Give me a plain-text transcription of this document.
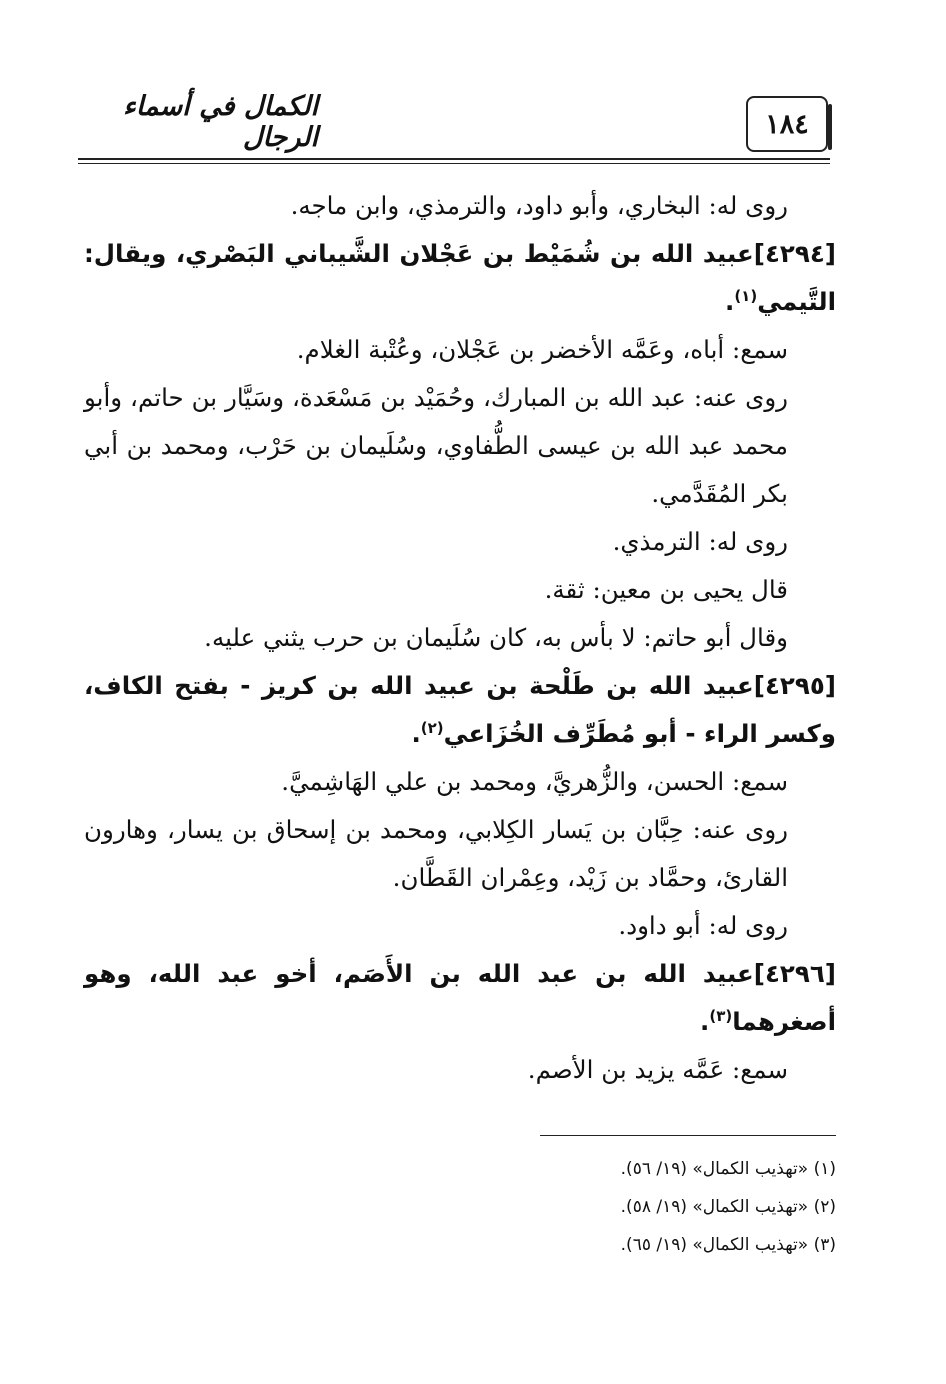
١٨٤
الكمال في أسماء الرجال

روى له: البخاري، وأبو داود، والترمذي، وابن ماجه.

[٤٢٩٤]عبيد الله بن شُمَيْط بن عَجْلان الشَّيباني البَصْري، ويقال: التَّيمي$^{(١)}$.

سمع: أباه، وعَمَّه الأخضر بن عَجْلان، وعُتْبة الغلام.

روى عنه: عبد الله بن المبارك، وحُمَيْد بن مَسْعَدة، وسَيَّار بن حاتم، وأبو محمد عبد الله بن عيسى الطُّفاوي، وسُلَيمان بن حَرْب، ومحمد بن أبي بكر المُقَدَّمي.

روى له: الترمذي.

قال يحيى بن معين: ثقة.

وقال أبو حاتم: لا بأس به، كان سُلَيمان بن حرب يثني عليه.

[٤٢٩٥]عبيد الله بن طَلْحة بن عبيد الله بن كريز - بفتح الكاف، وكسر الراء - أبو مُطَرِّف الخُزَاعي$^{(٢)}$.

سمع: الحسن، والزُّهريَّ، ومحمد بن علي الهَاشِميَّ.

روى عنه: حِبَّان بن يَسار الكِلابي، ومحمد بن إسحاق بن يسار، وهارون القارئ، وحمَّاد بن زَيْد، وعِمْران القَطَّان.

روى له: أبو داود.

[٤٢٩٦]عبيد الله بن عبد الله بن الأَصَم، أخو عبد الله، وهو أصغرهما$^{(٣)}$.

سمع: عَمَّه يزيد بن الأصم.

(١) «تهذيب الكمال» (١٩/ ٥٦).

(٢) «تهذيب الكمال» (١٩/ ٥٨).

(٣) «تهذيب الكمال» (١٩/ ٦٥).
